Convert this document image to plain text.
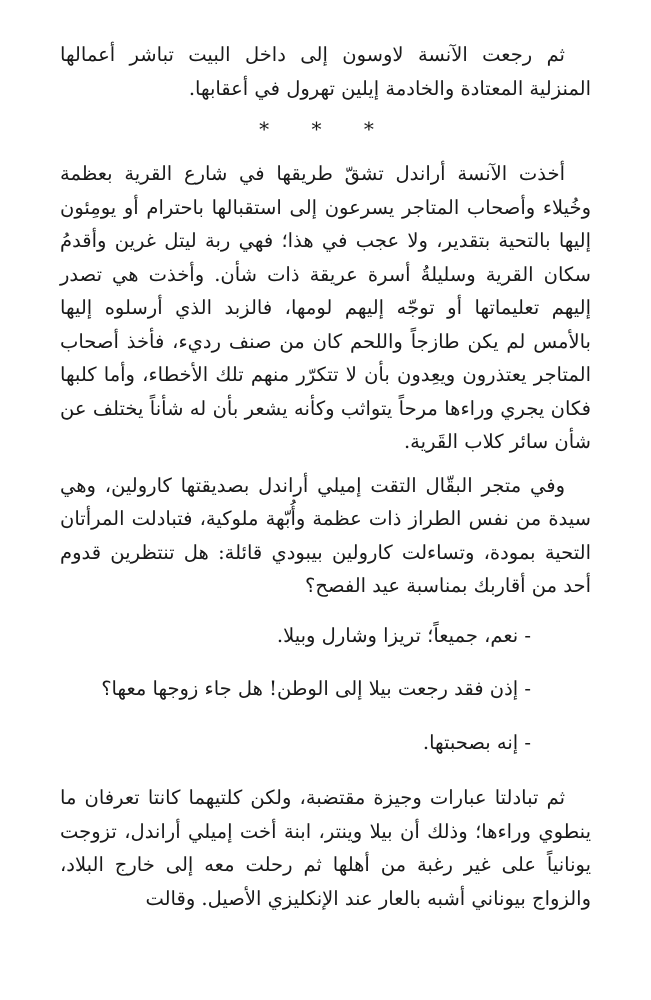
ثم رجعت الآنسة لاوسون إلى داخل البيت تباشر أعمالها المنزلية المعتادة والخادمة إيلين تهرول في أعقابها.

* * *

أخذت الآنسة أراندل تشقّ طريقها في شارع القرية بعظمة وخُيلاء وأصحاب المتاجر يسرعون إلى استقبالها باحترام أو يومِئون إليها بالتحية بتقدير، ولا عجب في هذا؛ فهي ربة ليتل غرين وأقدمُ سكان القرية وسليلةُ أسرة عريقة ذات شأن. وأخذت هي تصدر إليهم تعليماتها أو توجّه إليهم لومها، فالزبد الذي أرسلوه إليها بالأمس لم يكن طازجاً واللحم كان من صنف رديء، فأخذ أصحاب المتاجر يعتذرون ويعِدون بأن لا تتكرّر منهم تلك الأخطاء، وأما كلبها فكان يجري وراءها مرحاً يتواثب وكأنه يشعر بأن له شأناً يختلف عن شأن سائر كلاب القَرية.

وفي متجر البقّال التقت إميلي أراندل بصديقتها كارولين، وهي سيدة من نفس الطراز ذات عظمة وأُبّهة ملوكية، فتبادلت المرأتان التحية بمودة، وتساءلت كارولين بيبودي قائلة: هل تنتظرين قدوم أحد من أقاربك بمناسبة عيد الفصح؟

- نعم، جميعاً؛ تريزا وشارل وبيلا.

- إذن فقد رجعت بيلا إلى الوطن! هل جاء زوجها معها؟

- إنه بصحبتها.

ثم تبادلتا عبارات وجيزة مقتضبة، ولكن كلتيهما كانتا تعرفان ما ينطوي وراءها؛ وذلك أن بيلا وينتر، ابنة أخت إميلي أراندل، تزوجت يونانياً على غير رغبة من أهلها ثم رحلت معه إلى خارج البلاد، والزواج بيوناني أشبه بالعار عند الإنكليزي الأصيل. وقالت
